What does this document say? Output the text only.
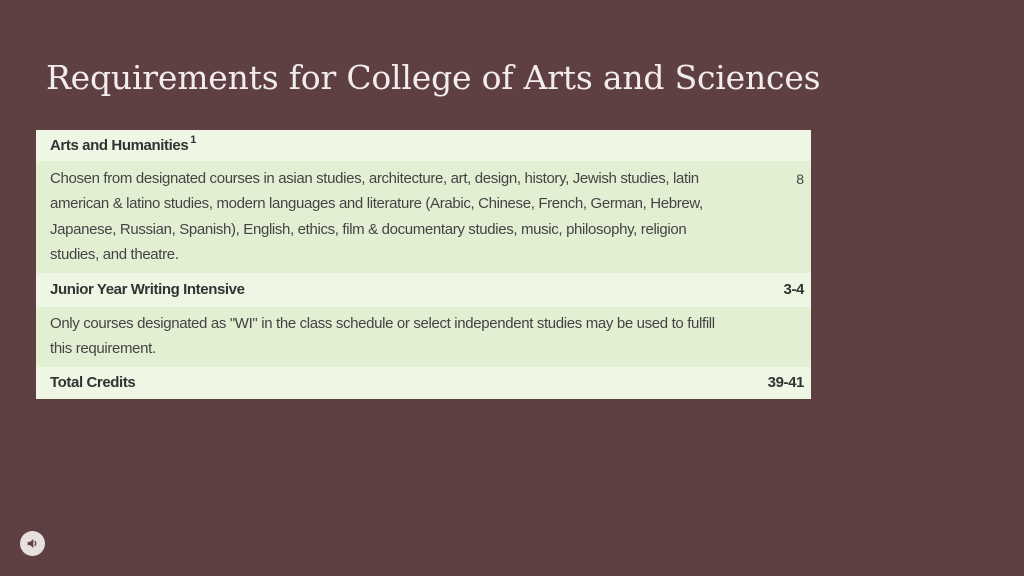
Requirements for College of Arts and Sciences
Arts and Humanities $^1$
Chosen from designated courses in asian studies, architecture, art, design, history, Jewish studies, latin american & latino studies, modern languages and literature (Arabic, Chinese, French, German, Hebrew, Japanese, Russian, Spanish), English, ethics, film & documentary studies, music, philosophy, religion studies, and theatre.
8
Junior Year Writing Intensive	3-4
Only courses designated as "WI" in the class schedule or select independent studies may be used to fulfill this requirement.
Total Credits	39-41
